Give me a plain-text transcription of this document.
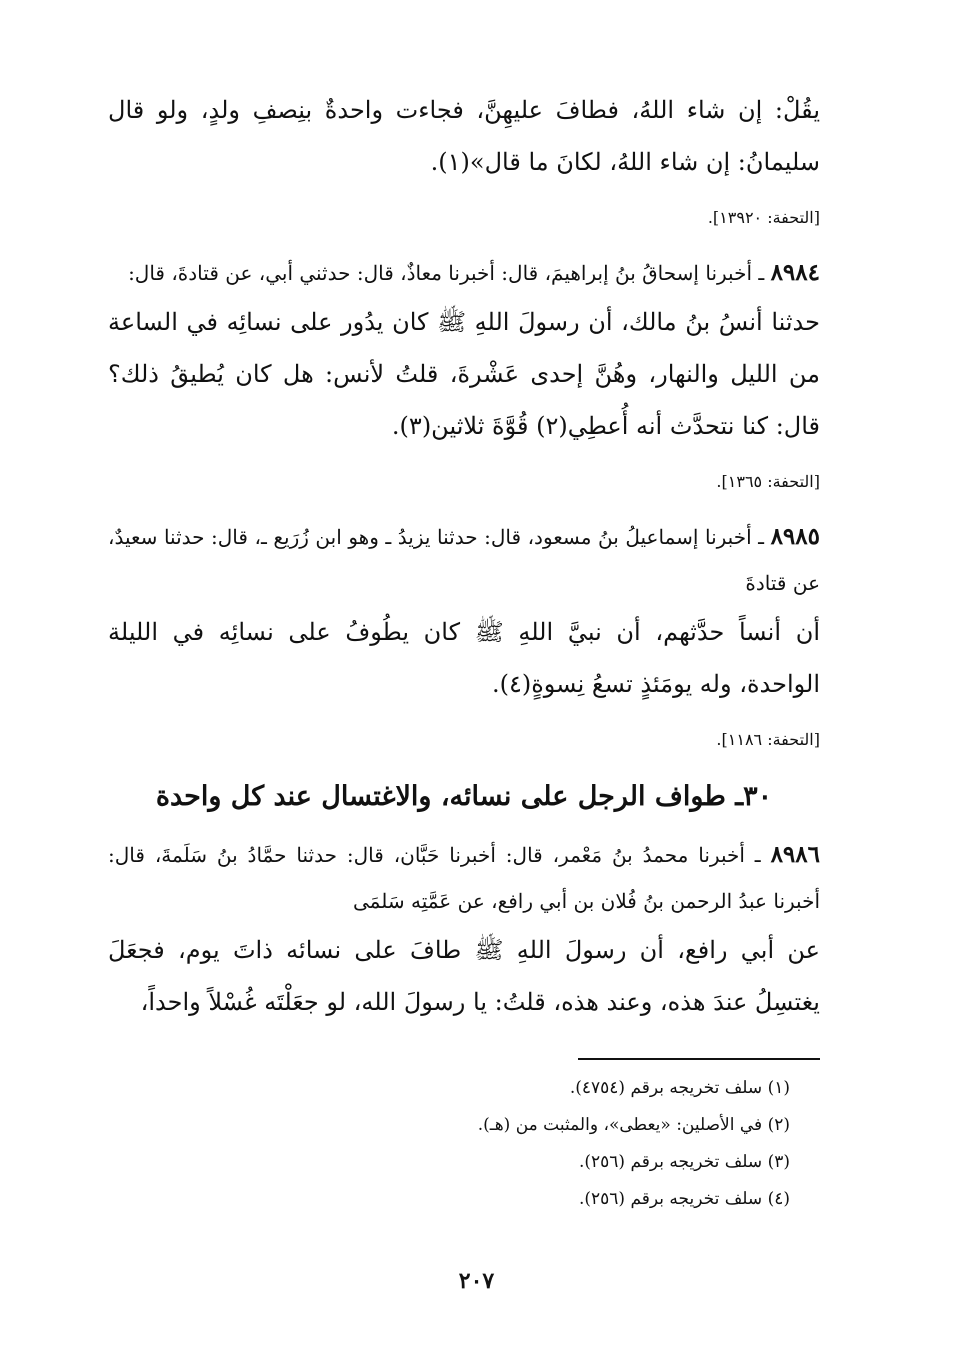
يقُلْ: إن شاء اللهُ، فطافَ عليهِنَّ، فجاءت واحدةٌ بنِصفِ ولدٍ، ولو قال سليمانُ: إن شاء اللهُ، لكانَ ما قال»(١).

[التحفة: ١٣٩٢٠].

٨٩٨٤ ـ أخبرنا إسحاقُ بنُ إبراهيمَ، قال: أخبرنا معاذٌ، قال: حدثني أبي، عن قتادةَ، قال:

حدثنا أنسُ بنُ مالك، أن رسولَ اللهِ ﷺ كان يدُور على نسائِه في الساعة من الليل والنهار، وهُنَّ إحدى عَشْرةَ، قلتُ لأنس: هل كان يُطيقُ ذلك؟ قال: كنا نتحدَّث أنه أُعطِي(٢) قُوَّةَ ثلاثين(٣).

[التحفة: ١٣٦٥].

٨٩٨٥ ـ أخبرنا إسماعيلُ بنُ مسعود، قال: حدثنا يزيدُ ـ وهو ابن زُرَيع ـ، قال: حدثنا سعيدٌ، عن قتادةَ

أن أنساً حدَّثهم، أن نبيَّ اللهِ ﷺ كان يطُوفُ على نسائِه في الليلة الواحدة، وله يومَئذٍ تسعُ نِسوةٍ(٤).

[التحفة: ١١٨٦].
٣٠ـ طواف الرجل على نسائه، والاغتسال عند كل واحدة

٨٩٨٦ ـ أخبرنا محمدُ بنُ مَعْمر، قال: أخبرنا حَبَّان، قال: حدثنا حمَّادُ بنُ سَلَمةَ، قال: أخبرنا عبدُ الرحمن بنُ فُلان بن أبي رافع، عن عَمَّتِه سَلمَى

عن أبي رافع، أن رسولَ اللهِ ﷺ طافَ على نسائه ذاتَ يوم، فجعَلَ يغتسِلُ عندَ هذه، وعند هذه، قلتُ: يا رسولَ الله، لو جعَلْتَه غُسْلاً واحداً،

(١) سلف تخريجه برقم (٤٧٥٤).
(٢) في الأصلين: «يعطى»، والمثبت من (هـ).
(٣) سلف تخريجه برقم (٢٥٦).
(٤) سلف تخريجه برقم (٢٥٦).
٢٠٧
